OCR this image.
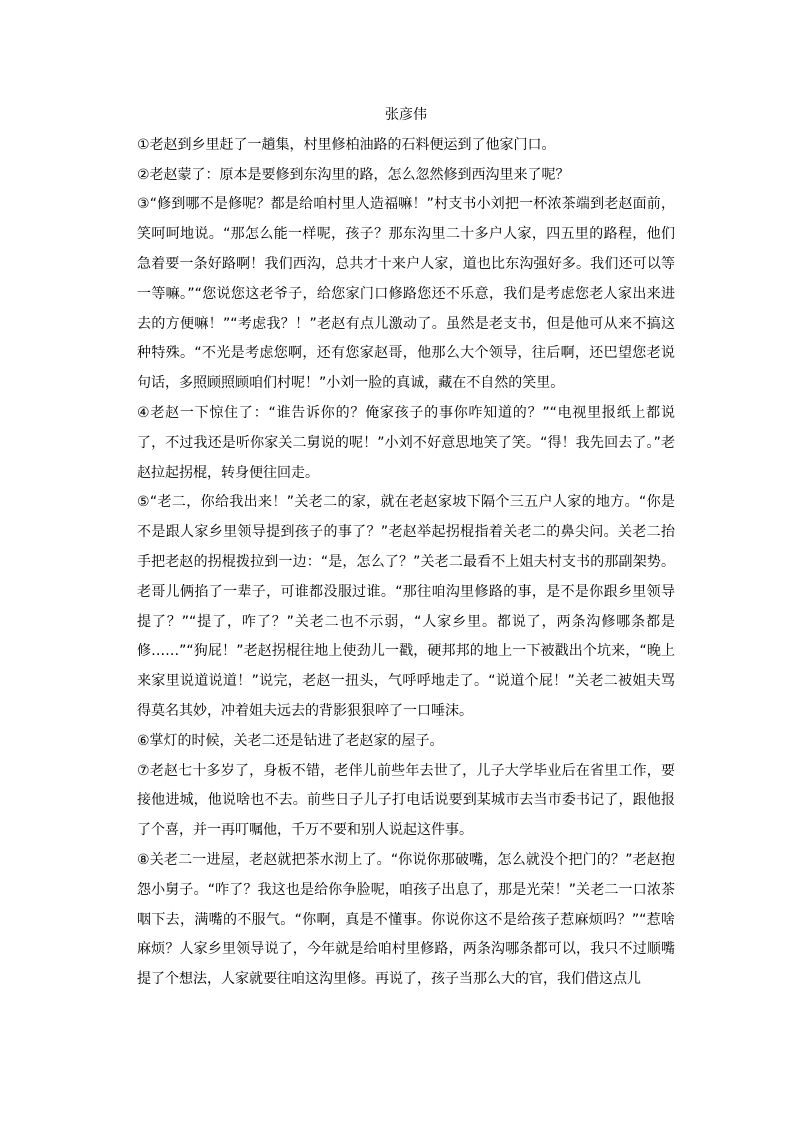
张彦伟

①老赵到乡里赶了一趟集，村里修柏油路的石料便运到了他家门口。

②老赵蒙了：原本是要修到东沟里的路，怎么忽然修到西沟里来了呢？

③“修到哪不是修呢？都是给咱村里人造福嘛！”村支书小刘把一杯浓茶端到老赵面前，笑呵呵地说。“那怎么能一样呢，孩子？那东沟里二十多户人家，四五里的路程，他们急着要一条好路啊！我们西沟，总共才十来户人家，道也比东沟强好多。我们还可以等一等嘛。”“您说您这老爷子，给您家门口修路您还不乐意，我们是考虑您老人家出来进去的方便嘛！”“考虑我？！”老赵有点儿激动了。虽然是老支书，但是他可从来不搞这种特殊。“不光是考虑您啊，还有您家赵哥，他那么大个领导，往后啊，还巴望您老说句话，多照顾照顾咱们村呢！”小刘一脸的真诚，藏在不自然的笑里。

④老赵一下惊住了：“谁告诉你的？俺家孩子的事你咋知道的？”“电视里报纸上都说了，不过我还是听你家关二舅说的呢！”小刘不好意思地笑了笑。“得！我先回去了。”老赵拉起拐棍，转身便往回走。

⑤“老二，你给我出来！”关老二的家，就在老赵家坡下隔个三五户人家的地方。“你是不是跟人家乡里领导提到孩子的事了？”老赵举起拐棍指着关老二的鼻尖问。关老二抬手把老赵的拐棍拨拉到一边：“是，怎么了？”关老二最看不上姐夫村支书的那副架势。老哥儿俩掐了一辈子，可谁都没服过谁。“那往咱沟里修路的事，是不是你跟乡里领导提了？”“提了，咋了？”关老二也不示弱，“人家乡里。都说了，两条沟修哪条都是修……”“狗屁！”老赵拐棍往地上使劲儿一戳，硬邦邦的地上一下被戳出个坑来，“晚上来家里说道说道！”说完，老赵一扭头，气呼呼地走了。“说道个屁！”关老二被姐夫骂得莫名其妙，冲着姐夫远去的背影狠狠啐了一口唾沫。

⑥掌灯的时候，关老二还是钻进了老赵家的屋子。

⑦老赵七十多岁了，身板不错，老伴儿前些年去世了，儿子大学毕业后在省里工作，要接他进城，他说啥也不去。前些日子儿子打电话说要到某城市去当市委书记了，跟他报了个喜，并一再叮嘱他，千万不要和别人说起这件事。

⑧关老二一进屋，老赵就把茶水沏上了。“你说你那破嘴，怎么就没个把门的？”老赵抱怨小舅子。“咋了？我这也是给你争脸呢，咱孩子出息了，那是光荣！”关老二一口浓茶咽下去，满嘴的不服气。“你啊，真是不懂事。你说你这不是给孩子惹麻烦吗？”“惹啥麻烦？人家乡里领导说了，今年就是给咱村里修路，两条沟哪条都可以，我只不过顺嘴提了个想法，人家就要往咱这沟里修。再说了，孩子当那么大的官，我们借这点儿
